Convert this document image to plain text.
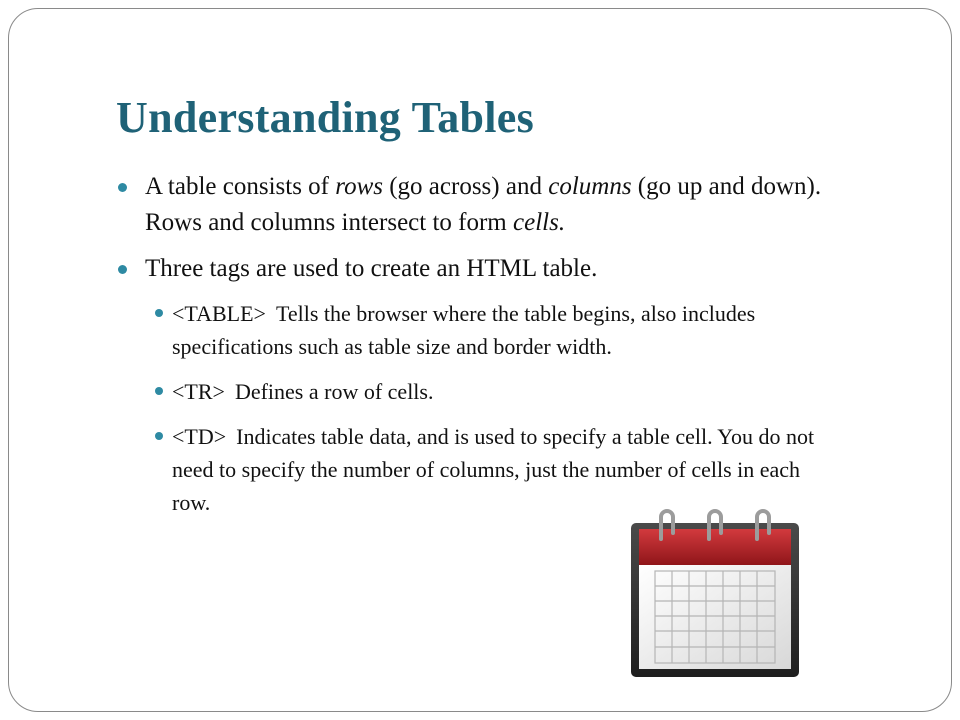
Understanding Tables
A table consists of rows (go across) and columns (go up and down). Rows and columns intersect to form cells.
Three tags are used to create an HTML table.
<TABLE> Tells the browser where the table begins, also includes specifications such as table size and border width.
<TR> Defines a row of cells.
<TD> Indicates table data, and is used to specify a table cell. You do not need to specify the number of columns, just the number of cells in each row.
